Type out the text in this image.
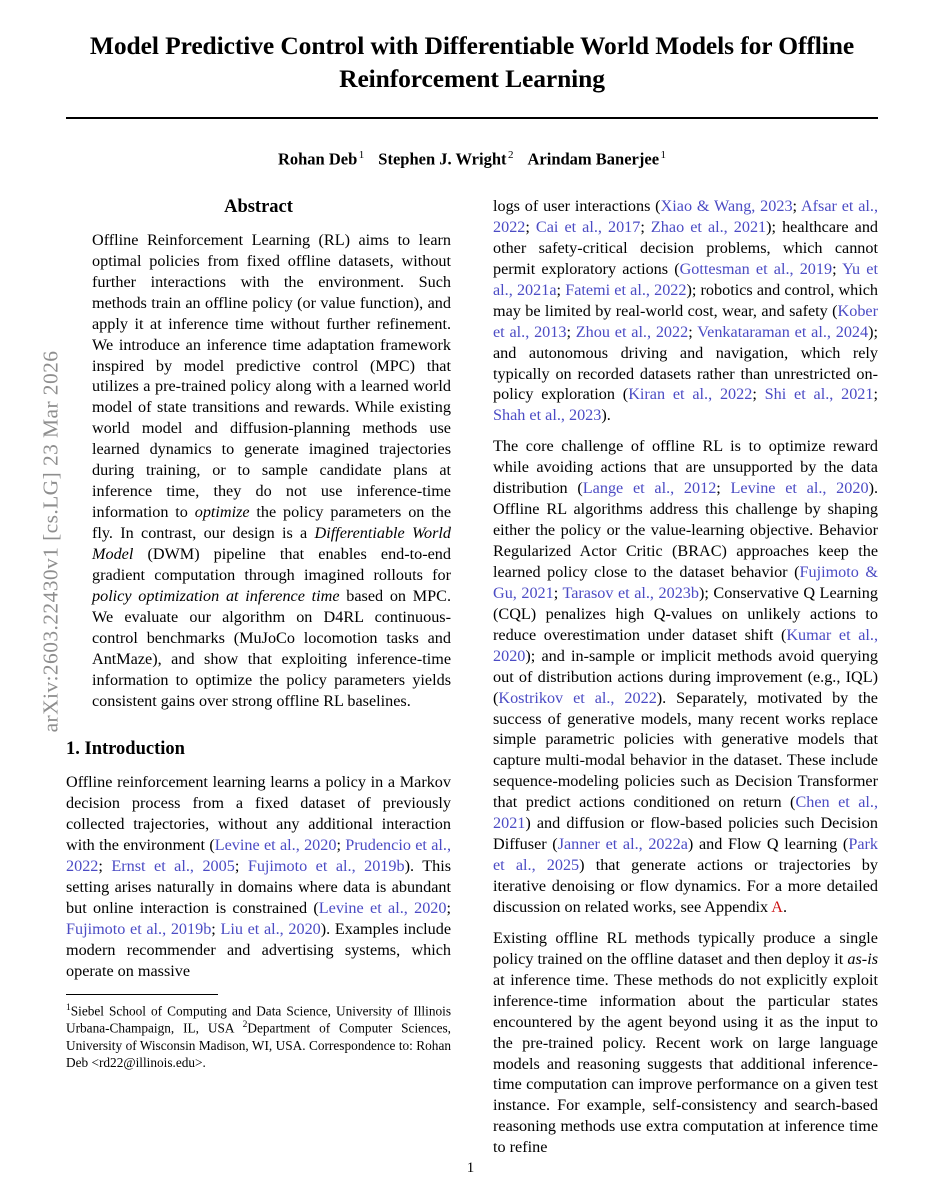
arXiv:2603.22430v1 [cs.LG] 23 Mar 2026
Model Predictive Control with Differentiable World Models for Offline Reinforcement Learning
Rohan Deb $^1$ Stephen J. Wright $^2$ Arindam Banerjee $^1$
Abstract

Offline Reinforcement Learning (RL) aims to learn optimal policies from fixed offline datasets, without further interactions with the environment. Such methods train an offline policy (or value function), and apply it at inference time without further refinement. We introduce an inference time adaptation framework inspired by model predictive control (MPC) that utilizes a pre-trained policy along with a learned world model of state transitions and rewards. While existing world model and diffusion-planning methods use learned dynamics to generate imagined trajectories during training, or to sample candidate plans at inference time, they do not use inference-time information to optimize the policy parameters on the fly. In contrast, our design is a Differentiable World Model (DWM) pipeline that enables end-to-end gradient computation through imagined rollouts for policy optimization at inference time based on MPC. We evaluate our algorithm on D4RL continuous-control benchmarks (MuJoCo locomotion tasks and AntMaze), and show that exploiting inference-time information to optimize the policy parameters yields consistent gains over strong offline RL baselines.

1. Introduction

Offline reinforcement learning learns a policy in a Markov decision process from a fixed dataset of previously collected trajectories, without any additional interaction with the environment (Levine et al., 2020; Prudencio et al., 2022; Ernst et al., 2005; Fujimoto et al., 2019b). This setting arises naturally in domains where data is abundant but online interaction is constrained (Levine et al., 2020; Fujimoto et al., 2019b; Liu et al., 2020). Examples include modern recommender and advertising systems, which operate on massive

$^1$Siebel School of Computing and Data Science, University of Illinois Urbana-Champaign, IL, USA $^2$Department of Computer Sciences, University of Wisconsin Madison, WI, USA. Correspondence to: Rohan Deb <rd22@illinois.edu>.

logs of user interactions (Xiao & Wang, 2023; Afsar et al., 2022; Cai et al., 2017; Zhao et al., 2021); healthcare and other safety-critical decision problems, which cannot permit exploratory actions (Gottesman et al., 2019; Yu et al., 2021a; Fatemi et al., 2022); robotics and control, which may be limited by real-world cost, wear, and safety (Kober et al., 2013; Zhou et al., 2022; Venkataraman et al., 2024); and autonomous driving and navigation, which rely typically on recorded datasets rather than unrestricted on-policy exploration (Kiran et al., 2022; Shi et al., 2021; Shah et al., 2023).

The core challenge of offline RL is to optimize reward while avoiding actions that are unsupported by the data distribution (Lange et al., 2012; Levine et al., 2020). Offline RL algorithms address this challenge by shaping either the policy or the value-learning objective. Behavior Regularized Actor Critic (BRAC) approaches keep the learned policy close to the dataset behavior (Fujimoto & Gu, 2021; Tarasov et al., 2023b); Conservative Q Learning (CQL) penalizes high Q-values on unlikely actions to reduce overestimation under dataset shift (Kumar et al., 2020); and in-sample or implicit methods avoid querying out of distribution actions during improvement (e.g., IQL) (Kostrikov et al., 2022). Separately, motivated by the success of generative models, many recent works replace simple parametric policies with generative models that capture multi-modal behavior in the dataset. These include sequence-modeling policies such as Decision Transformer that predict actions conditioned on return (Chen et al., 2021) and diffusion or flow-based policies such Decision Diffuser (Janner et al., 2022a) and Flow Q learning (Park et al., 2025) that generate actions or trajectories by iterative denoising or flow dynamics. For a more detailed discussion on related works, see Appendix A.

Existing offline RL methods typically produce a single policy trained on the offline dataset and then deploy it as-is at inference time. These methods do not explicitly exploit inference-time information about the particular states encountered by the agent beyond using it as the input to the pre-trained policy. Recent work on large language models and reasoning suggests that additional inference-time computation can improve performance on a given test instance. For example, self-consistency and search-based reasoning methods use extra computation at inference time to refine

1
